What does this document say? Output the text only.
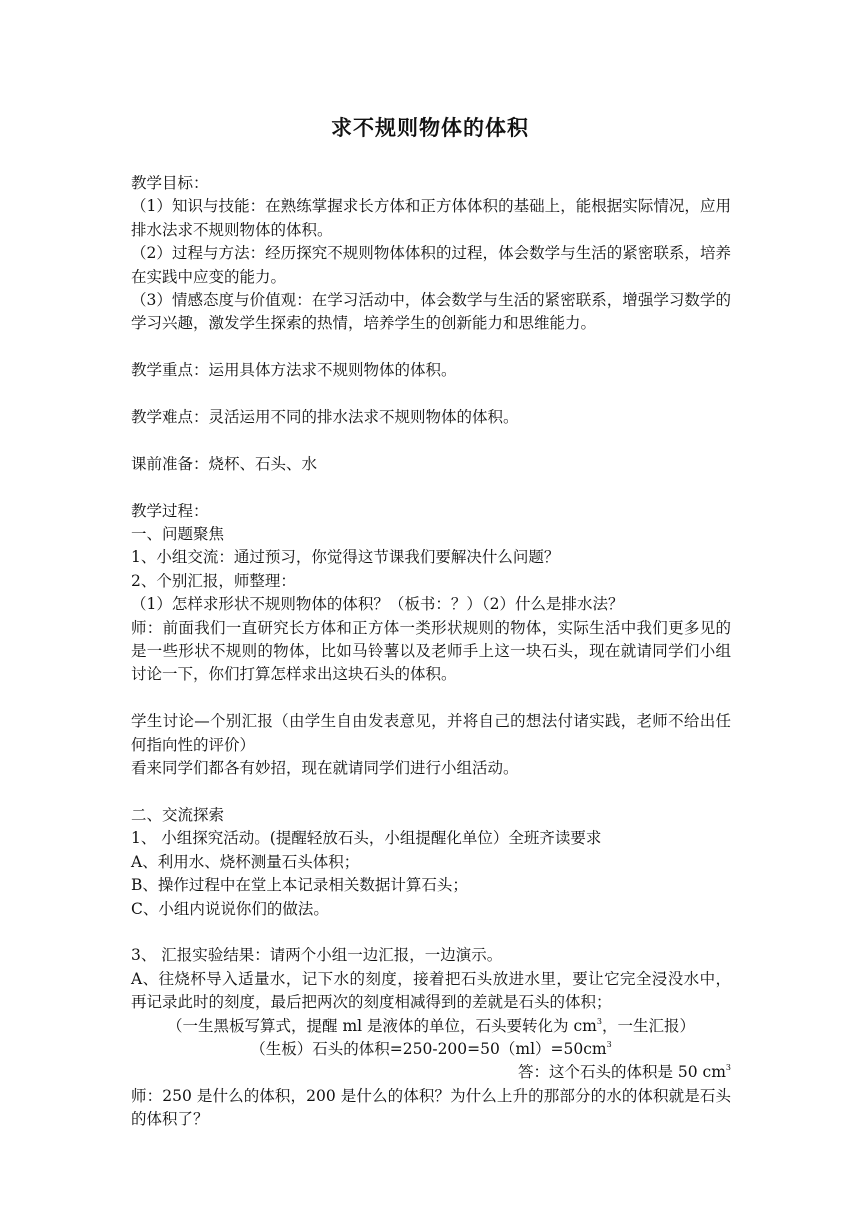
求不规则物体的体积

教学目标：

（1）知识与技能：在熟练掌握求长方体和正方体体积的基础上，能根据实际情况，应用排水法求不规则物体的体积。

（2）过程与方法：经历探究不规则物体体积的过程，体会数学与生活的紧密联系，培养在实践中应变的能力。

（3）情感态度与价值观：在学习活动中，体会数学与生活的紧密联系，增强学习数学的学习兴趣，激发学生探索的热情，培养学生的创新能力和思维能力。

教学重点：运用具体方法求不规则物体的体积。

教学难点：灵活运用不同的排水法求不规则物体的体积。

课前准备：烧杯、石头、水

教学过程：

一、问题聚焦

1、小组交流：通过预习，你觉得这节课我们要解决什么问题？

2、个别汇报，师整理：

（1）怎样求形状不规则物体的体积？（板书：？）（2）什么是排水法？

师：前面我们一直研究长方体和正方体一类形状规则的物体，实际生活中我们更多见的是一些形状不规则的物体，比如马铃薯以及老师手上这一块石头，现在就请同学们小组讨论一下，你们打算怎样求出这块石头的体积。

学生讨论—个别汇报（由学生自由发表意见，并将自己的想法付诸实践，老师不给出任何指向性的评价）

看来同学们都各有妙招，现在就请同学们进行小组活动。

二、交流探索

1、 小组探究活动。(提醒轻放石头，小组提醒化单位）全班齐读要求

A、利用水、烧杯测量石头体积；

B、操作过程中在堂上本记录相关数据计算石头；

C、小组内说说你们的做法。

3、 汇报实验结果：请两个小组一边汇报，一边演示。

A、往烧杯导入适量水，记下水的刻度，接着把石头放进水里，要让它完全浸没水中，再记录此时的刻度，最后把两次的刻度相减得到的差就是石头的体积；

（一生黑板写算式，提醒 ml 是液体的单位，石头要转化为 $cm^3$，一生汇报）

（生板）石头的体积$=250-200=50(ml)=50cm^3$

答：这个石头的体积是 50 $cm^3$

师：250 是什么的体积，200 是什么的体积？为什么上升的那部分的水的体积就是石头的体积了？
